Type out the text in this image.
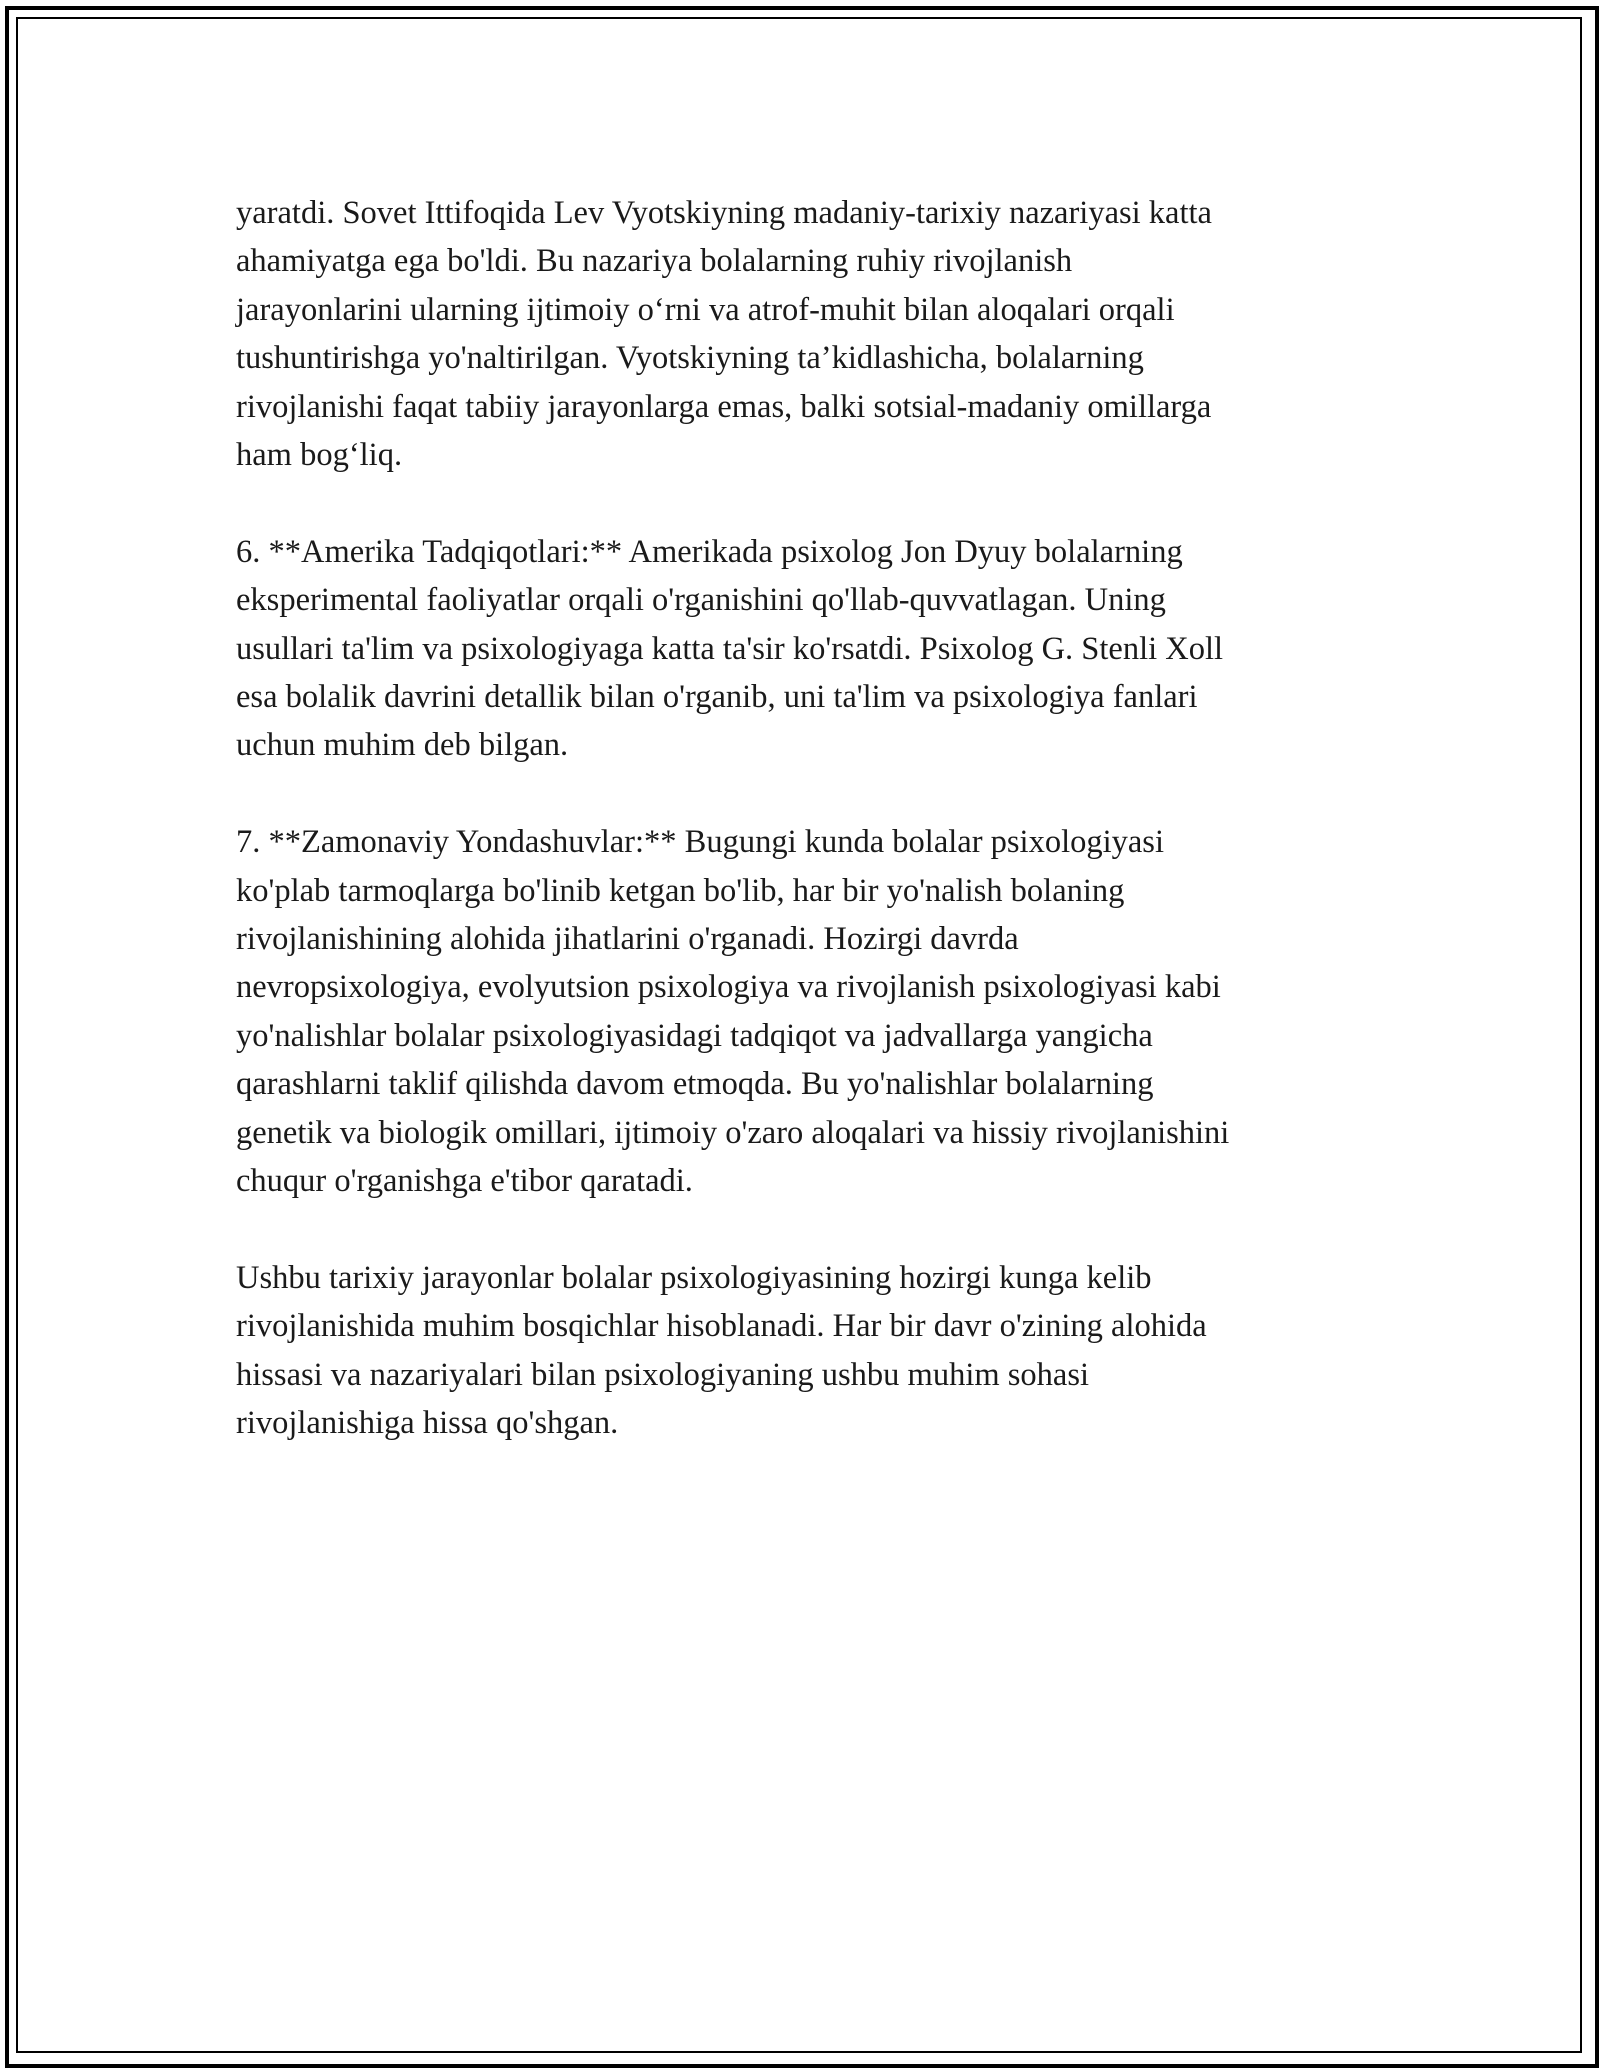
yaratdi. Sovet Ittifoqida Lev Vyotskiyning madaniy-tarixiy nazariyasi katta
ahamiyatga ega bo'ldi. Bu nazariya bolalarning ruhiy rivojlanish
jarayonlarini ularning ijtimoiy o‘rni va atrof-muhit bilan aloqalari orqali
tushuntirishga yo'naltirilgan. Vyotskiyning ta’kidlashicha, bolalarning
rivojlanishi faqat tabiiy jarayonlarga emas, balki sotsial-madaniy omillarga
ham bog‘liq.

6. **Amerika Tadqiqotlari:** Amerikada psixolog Jon Dyuy bolalarning
eksperimental faoliyatlar orqali o'rganishini qo'llab-quvvatlagan. Uning
usullari ta'lim va psixologiyaga katta ta'sir ko'rsatdi. Psixolog G. Stenli Xoll
esa bolalik davrini detallik bilan o'rganib, uni ta'lim va psixologiya fanlari
uchun muhim deb bilgan.

7. **Zamonaviy Yondashuvlar:** Bugungi kunda bolalar psixologiyasi
ko'plab tarmoqlarga bo'linib ketgan bo'lib, har bir yo'nalish bolaning
rivojlanishining alohida jihatlarini o'rganadi. Hozirgi davrda
nevropsixologiya, evolyutsion psixologiya va rivojlanish psixologiyasi kabi
yo'nalishlar bolalar psixologiyasidagi tadqiqot va jadvallarga yangicha
qarashlarni taklif qilishda davom etmoqda. Bu yo'nalishlar bolalarning
genetik va biologik omillari, ijtimoiy o'zaro aloqalari va hissiy rivojlanishini
chuqur o'rganishga e'tibor qaratadi.

Ushbu tarixiy jarayonlar bolalar psixologiyasining hozirgi kunga kelib
rivojlanishida muhim bosqichlar hisoblanadi. Har bir davr o'zining alohida
hissasi va nazariyalari bilan psixologiyaning ushbu muhim sohasi
rivojlanishiga hissa qo'shgan.
